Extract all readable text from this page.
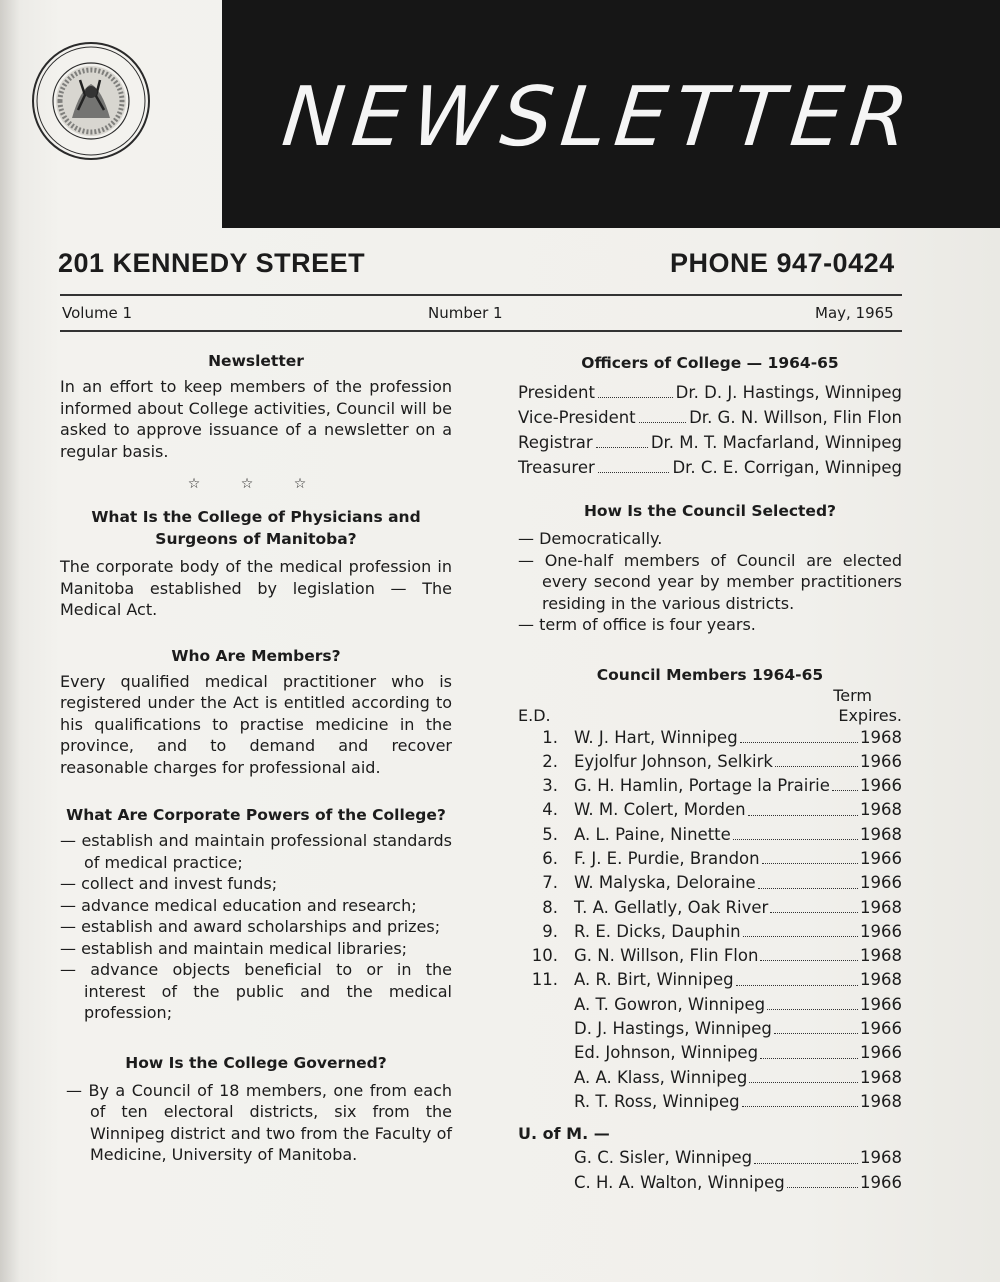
NEWSLETTER
201 KENNEDY STREET	PHONE 947-0424
Volume 1	Number 1	May, 1965

Newsletter

In an effort to keep members of the profession informed about College activities, Council will be asked to approve issuance of a newsletter on a regular basis.

☆ ☆ ☆

What Is the College of Physicians and

Surgeons of Manitoba?

The corporate body of the medical profession in Manitoba established by legislation — The Medical Act.

Who Are Members?

Every qualified medical practitioner who is registered under the Act is entitled according to his qualifications to practise medicine in the province, and to demand and recover reasonable charges for professional aid.

What Are Corporate Powers of the College?

— establish and maintain professional standards of medical practice;

— collect and invest funds;

— advance medical education and research;

— establish and award scholarships and prizes;

— establish and maintain medical libraries;

— advance objects beneficial to or in the interest of the public and the medical profession;

How Is the College Governed?

— By a Council of 18 members, one from each of ten electoral districts, six from the Winnipeg district and two from the Faculty of Medicine, University of Manitoba.

Officers of College — 1964-65

President	Dr. D. J. Hastings, Winnipeg
Vice-President	Dr. G. N. Willson, Flin Flon
Registrar	Dr. M. T. Macfarland, Winnipeg
Treasurer	Dr. C. E. Corrigan, Winnipeg

How Is the Council Selected?

— Democratically.

— One-half members of Council are elected every second year by member practitioners residing in the various districts.

— term of office is four years.

Council Members 1964-65

Term
E.D.	Expires.
1. W. J. Hart, Winnipeg	1968
2. Eyjolfur Johnson, Selkirk	1966
3. G. H. Hamlin, Portage la Prairie 1966
4. W. M. Colert, Morden	1968
5. A. L. Paine, Ninette	1968
6. F. J. E. Purdie, Brandon	1966
7. W. Malyska, Deloraine	1966
8. T. A. Gellatly, Oak River	1968
9. R. E. Dicks, Dauphin	1966
10. G. N. Willson, Flin Flon	1968
11. A. R. Birt, Winnipeg	1968
A. T. Gowron, Winnipeg	1966
D. J. Hastings, Winnipeg	1966
Ed. Johnson, Winnipeg	1966
A. A. Klass, Winnipeg	1968
R. T. Ross, Winnipeg	1968
U. of M. —
G. C. Sisler, Winnipeg	1968
C. H. A. Walton, Winnipeg	1966
